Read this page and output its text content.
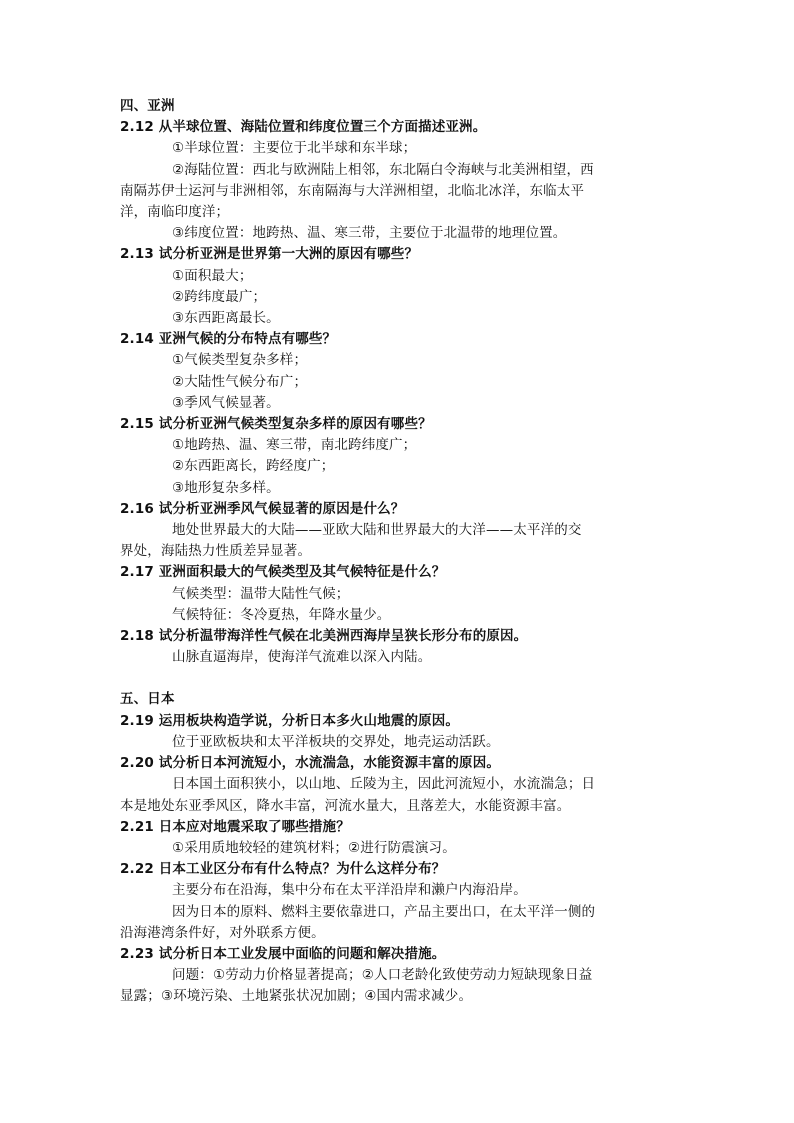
四、亚洲
2.12 从半球位置、海陆位置和纬度位置三个方面描述亚洲。
①半球位置：主要位于北半球和东半球；
②海陆位置：西北与欧洲陆上相邻，东北隔白令海峡与北美洲相望，西
南隔苏伊士运河与非洲相邻，东南隔海与大洋洲相望，北临北冰洋，东临太平
洋，南临印度洋；
③纬度位置：地跨热、温、寒三带，主要位于北温带的地理位置。
2.13 试分析亚洲是世界第一大洲的原因有哪些？
①面积最大；
②跨纬度最广；
③东西距离最长。
2.14 亚洲气候的分布特点有哪些？
①气候类型复杂多样；
②大陆性气候分布广；
③季风气候显著。
2.15 试分析亚洲气候类型复杂多样的原因有哪些？
①地跨热、温、寒三带，南北跨纬度广；
②东西距离长，跨经度广；
③地形复杂多样。
2.16 试分析亚洲季风气候显著的原因是什么？
地处世界最大的大陆——亚欧大陆和世界最大的大洋——太平洋的交
界处，海陆热力性质差异显著。
2.17 亚洲面积最大的气候类型及其气候特征是什么？
气候类型：温带大陆性气候；
气候特征：冬冷夏热，年降水量少。
2.18 试分析温带海洋性气候在北美洲西海岸呈狭长形分布的原因。
山脉直逼海岸，使海洋气流难以深入内陆。
五、日本
2.19 运用板块构造学说，分析日本多火山地震的原因。
位于亚欧板块和太平洋板块的交界处，地壳运动活跃。
2.20 试分析日本河流短小，水流湍急，水能资源丰富的原因。
日本国土面积狭小，以山地、丘陵为主，因此河流短小，水流湍急；日
本是地处东亚季风区，降水丰富，河流水量大，且落差大，水能资源丰富。
2.21 日本应对地震采取了哪些措施？
①采用质地较轻的建筑材料；②进行防震演习。
2.22 日本工业区分布有什么特点？为什么这样分布？
主要分布在沿海，集中分布在太平洋沿岸和濑户内海沿岸。
因为日本的原料、燃料主要依靠进口，产品主要出口，在太平洋一侧的
沿海港湾条件好，对外联系方便。
2.23 试分析日本工业发展中面临的问题和解决措施。
问题：①劳动力价格显著提高；②人口老龄化致使劳动力短缺现象日益
显露；③环境污染、土地紧张状况加剧；④国内需求减少。
